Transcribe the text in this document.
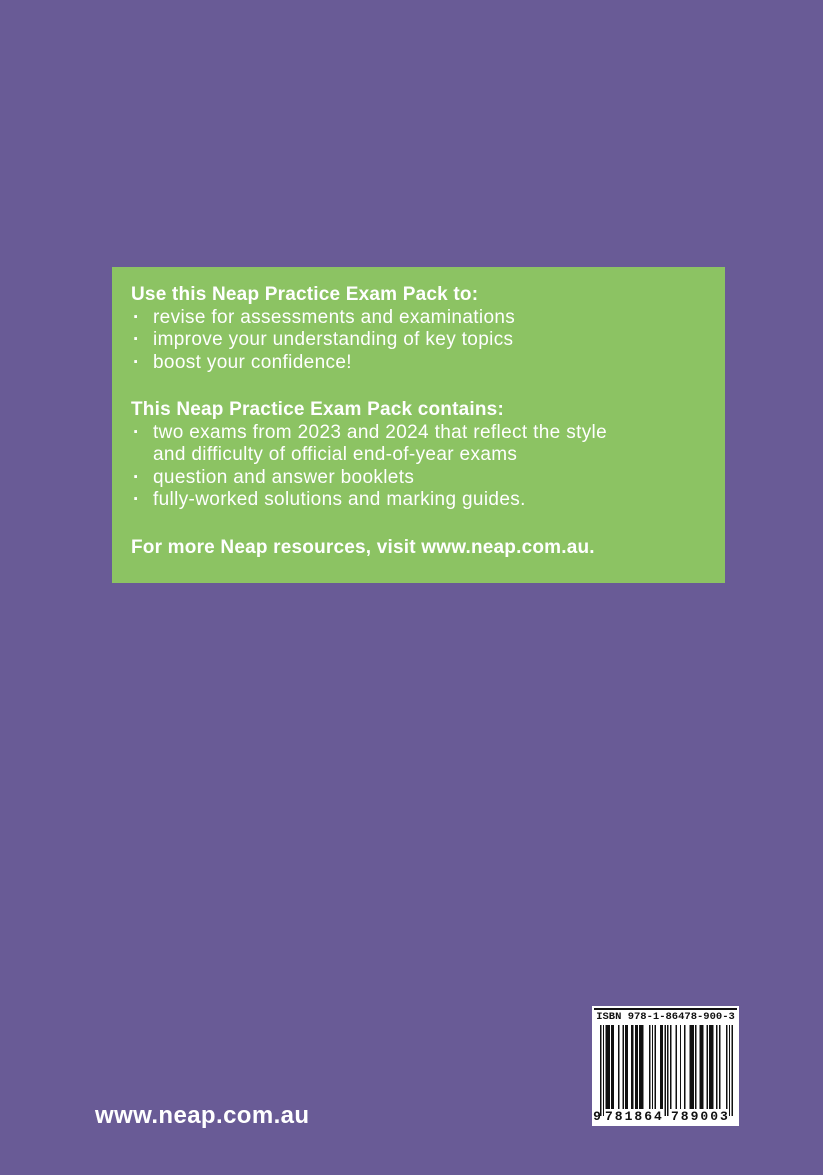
Use this Neap Practice Exam Pack to:
· revise for assessments and examinations
· improve your understanding of key topics
· boost your confidence!
This Neap Practice Exam Pack contains:
· two exams from 2023 and 2024 that reflect the style and difficulty of official end-of-year exams
· question and answer booklets
· fully-worked solutions and marking guides.

For more Neap resources, visit www.neap.com.au.

ISBN 978-1-86478-900-3
9 781864 789003
www.neap.com.au
